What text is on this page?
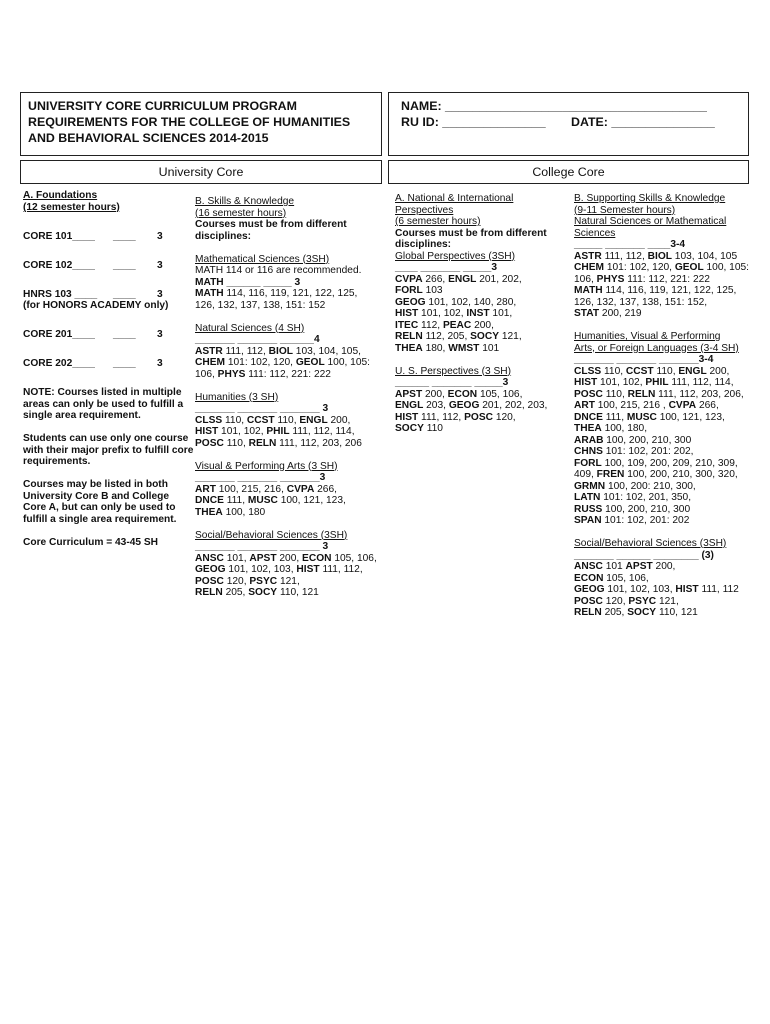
UNIVERSITY CORE CURRICULUM PROGRAM
REQUIREMENTS FOR THE COLLEGE OF HUMANITIES
AND BEHAVIORAL SCIENCES 2014-2015
NAME: ______________________________________
RU ID: _______________	DATE: _______________
University Core	College Core
A. Foundations
(12 semester hours)
CORE 101____	____	3
CORE 102____	____	3
HNRS 103 ____	____	3
(for HONORS ACADEMY only)
CORE 201____	____	3
CORE 202____	____	3
NOTE: Courses listed in multiple
areas can only be used to fulfill a
single area requirement.
Students can use only one course
with their major prefix to fulfill core
requirements.
Courses may be listed in both
University Core B and College
Core A, but can only be used to
fulfill a single area requirement.
Core Curriculum = 43-45 SH
B. Skills & Knowledge
(16 semester hours)
Courses must be from different
disciplines:
Mathematical Sciences (3SH)
MATH 114 or 116 are recommended.
MATH ______ _____ 3
MATH 114, 116, 119, 121, 122, 125,
126, 132, 137, 138, 151: 152
Natural Sciences (4 SH)
_______ _______ ______4
ASTR 111, 112, BIOL 103, 104, 105,
CHEM 101: 102, 120, GEOL 100, 105:
106, PHYS 111: 112, 221: 222
Humanities (3 SH)
_______ _______ _______ 3
CLSS 110, CCST 110, ENGL 200,
HIST 101, 102, PHIL 111, 112, 114,
POSC 110, RELN 111, 112, 203, 206
Visual & Performing Arts (3 SH)
_______ _______ _______3
ART 100, 215, 216, CVPA 266,
DNCE 111, MUSC 100, 121, 123,
THEA 100, 180
Social/Behavioral Sciences (3SH)
_______ _______ _______ 3
ANSC 101, APST 200, ECON 105, 106,
GEOG 101, 102, 103, HIST 111, 112,
POSC 120, PSYC 121,
RELN 205, SOCY 110, 121
A. National & International
Perspectives
(6 semester hours)
Courses must be from different
disciplines:
Global Perspectives (3SH)
____ _______ _____3
CVPA 266, ENGL 201, 202,
FORL 103
GEOG 101, 102, 140, 280,
HIST 101, 102, INST 101,
ITEC 112, PEAC 200,
RELN 112, 205, SOCY 121,
THEA 180, WMST 101
U. S. Perspectives (3 SH)
______ _______ _____3
APST 200, ECON 105, 106,
ENGL 203, GEOG 201, 202, 203,
HIST 111, 112, POSC 120,
SOCY 110
B. Supporting Skills & Knowledge
(9-11 Semester hours)
Natural Sciences or Mathematical
Sciences
_____ _______ ____3-4
ASTR 111, 112, BIOL 103, 104, 105
CHEM 101: 102, 120, GEOL 100, 105:
106, PHYS 111: 112, 221: 222
MATH 114, 116, 119, 121, 122, 125,
126, 132, 137, 138, 151: 152,
STAT 200, 219
Humanities, Visual & Performing
Arts, or Foreign Languages (3-4 SH)
_______ _______ _______3-4
CLSS 110, CCST 110, ENGL 200,
HIST 101, 102, PHIL 111, 112, 114,
POSC 110, RELN 111, 112, 203, 206,
ART 100, 215, 216 , CVPA 266,
DNCE 111, MUSC 100, 121, 123,
THEA 100, 180,
ARAB 100, 200, 210, 300
CHNS 101: 102, 201: 202,
FORL 100, 109, 200, 209, 210, 309,
409, FREN 100, 200, 210, 300, 320,
GRMN 100, 200: 210, 300,
LATN 101: 102, 201, 350,
RUSS 100, 200, 210, 300
SPAN 101: 102, 201: 202
Social/Behavioral Sciences (3SH)
_______ ______ ________ (3)
ANSC 101 APST 200,
ECON 105, 106,
GEOG 101, 102, 103, HIST 111, 112
POSC 120, PSYC 121,
RELN 205, SOCY 110, 121
